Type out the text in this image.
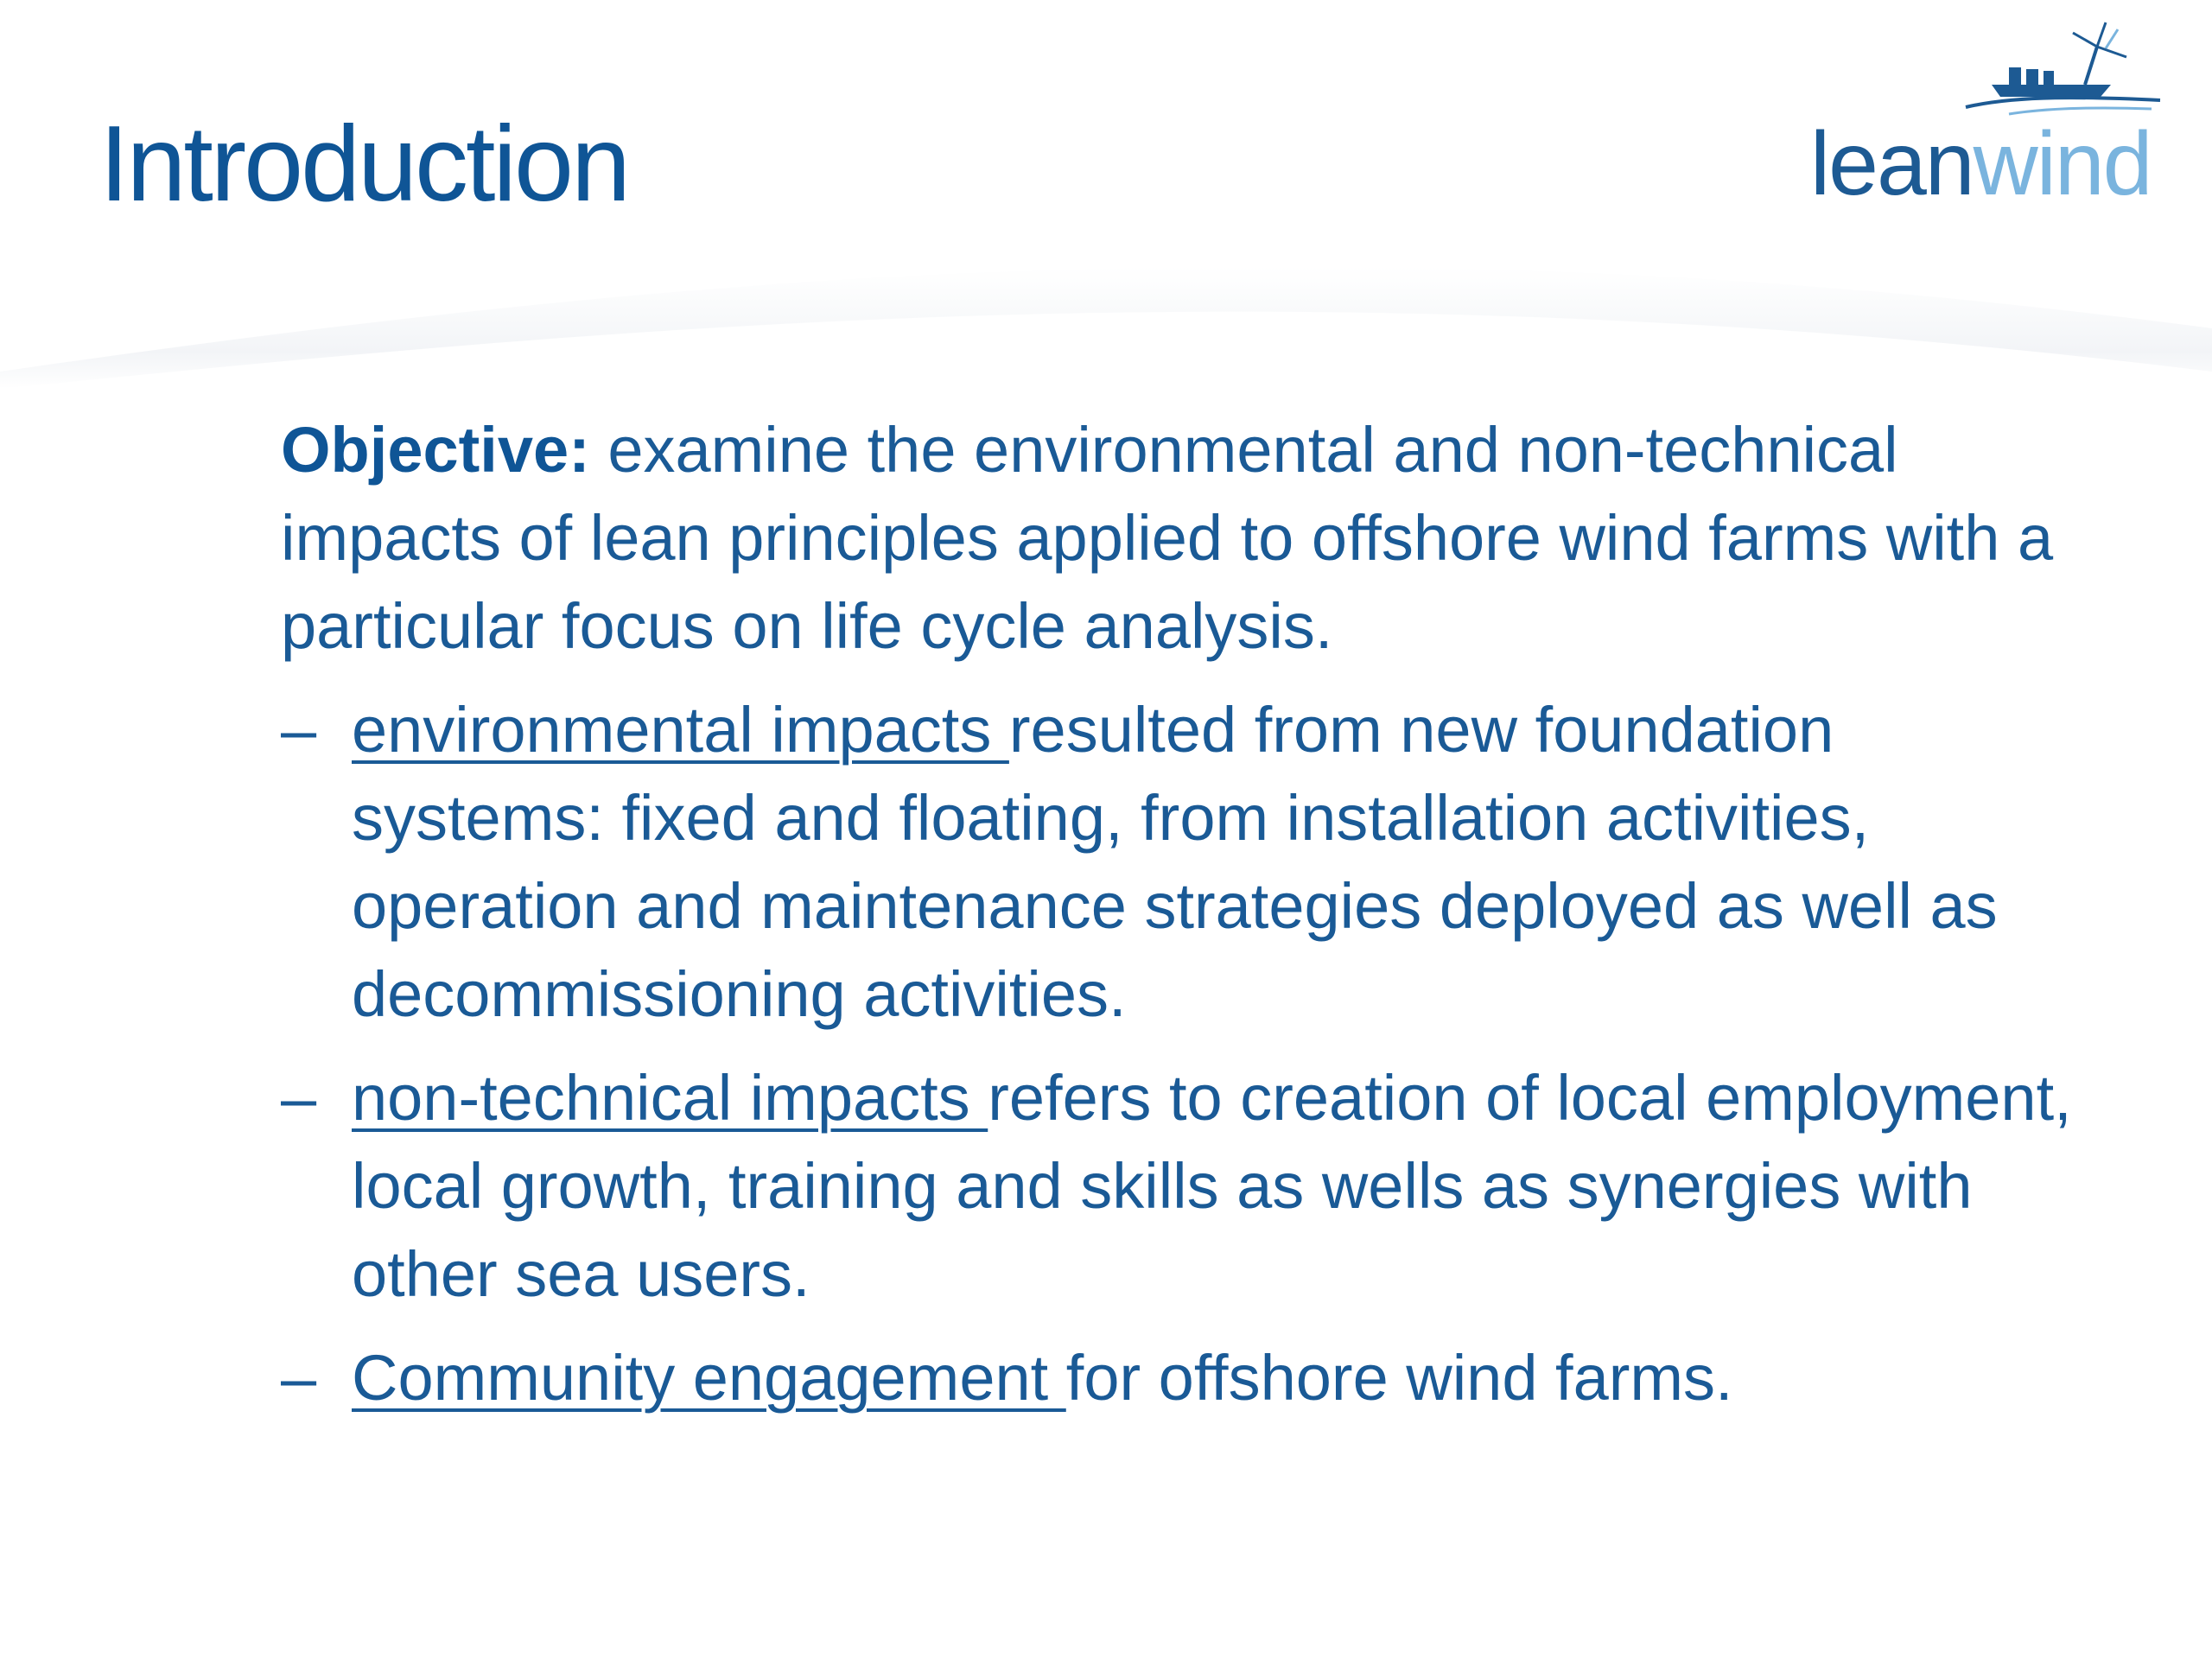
Introduction	leanwind

Objective: examine the environmental and non-technical impacts of lean principles applied to offshore wind farms with a particular focus on life cycle analysis.

– environmental impacts resulted from new foundation systems: fixed and floating, from installation activities, operation and maintenance strategies deployed as well as decommissioning activities.
– non-technical impacts refers to creation of local employment, local growth, training and skills as wells as synergies with other sea users.
– Community engagement for offshore wind farms.
